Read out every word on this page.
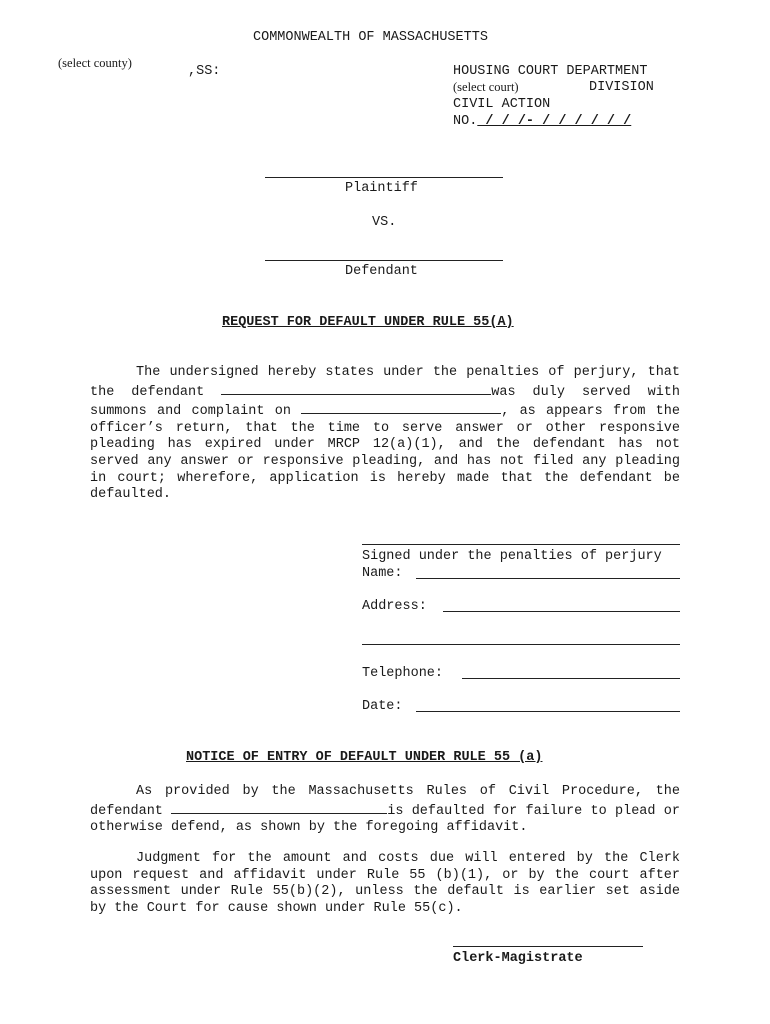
COMMONWEALTH OF MASSACHUSETTS
(select county)
,SS:	HOUSING COURT DEPARTMENT
(select court)	DIVISION
CIVIL ACTION
NO. / / /- / / / / / /
Plaintiff
VS.
Defendant
REQUEST FOR DEFAULT UNDER RULE 55(A)
The undersigned hereby states under the penalties of perjury, that the defendant	was duly served with summons and complaint on	, as appears from the officer’s return, that the time to serve answer or other responsive pleading has expired under MRCP 12(a)(1), and the defendant has not served any answer or responsive pleading, and has not filed any pleading in court; wherefore, application is hereby made that the defendant be defaulted.
Signed under the penalties of perjury
Name:
Address:
Telephone:
Date:
NOTICE OF ENTRY OF DEFAULT UNDER RULE 55 (a)
As provided by the Massachusetts Rules of Civil Procedure, the defendant	is defaulted for failure to plead or otherwise defend, as shown by the foregoing affidavit.
Judgment for the amount and costs due will entered by the Clerk upon request and affidavit under Rule 55 (b)(1), or by the court after assessment under Rule 55(b)(2), unless the default is earlier set aside by the Court for cause shown under Rule 55(c).
Clerk-Magistrate
